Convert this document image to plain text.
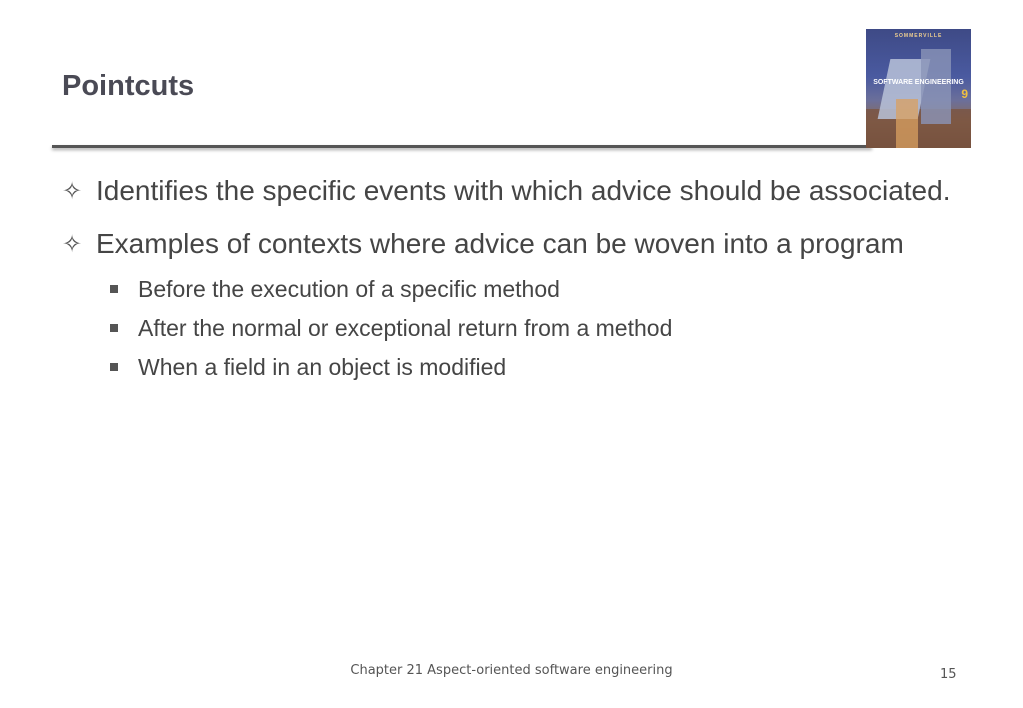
Pointcuts
SOMMERVILLE
SOFTWARE ENGINEERING
9
✧ Identifies the specific events with which advice should be associated.
✧ Examples of contexts where advice can be woven into a program
Before the execution of a specific method
After the normal or exceptional return from a method
When a field in an object is modified
Chapter 21 Aspect-oriented software engineering	15
